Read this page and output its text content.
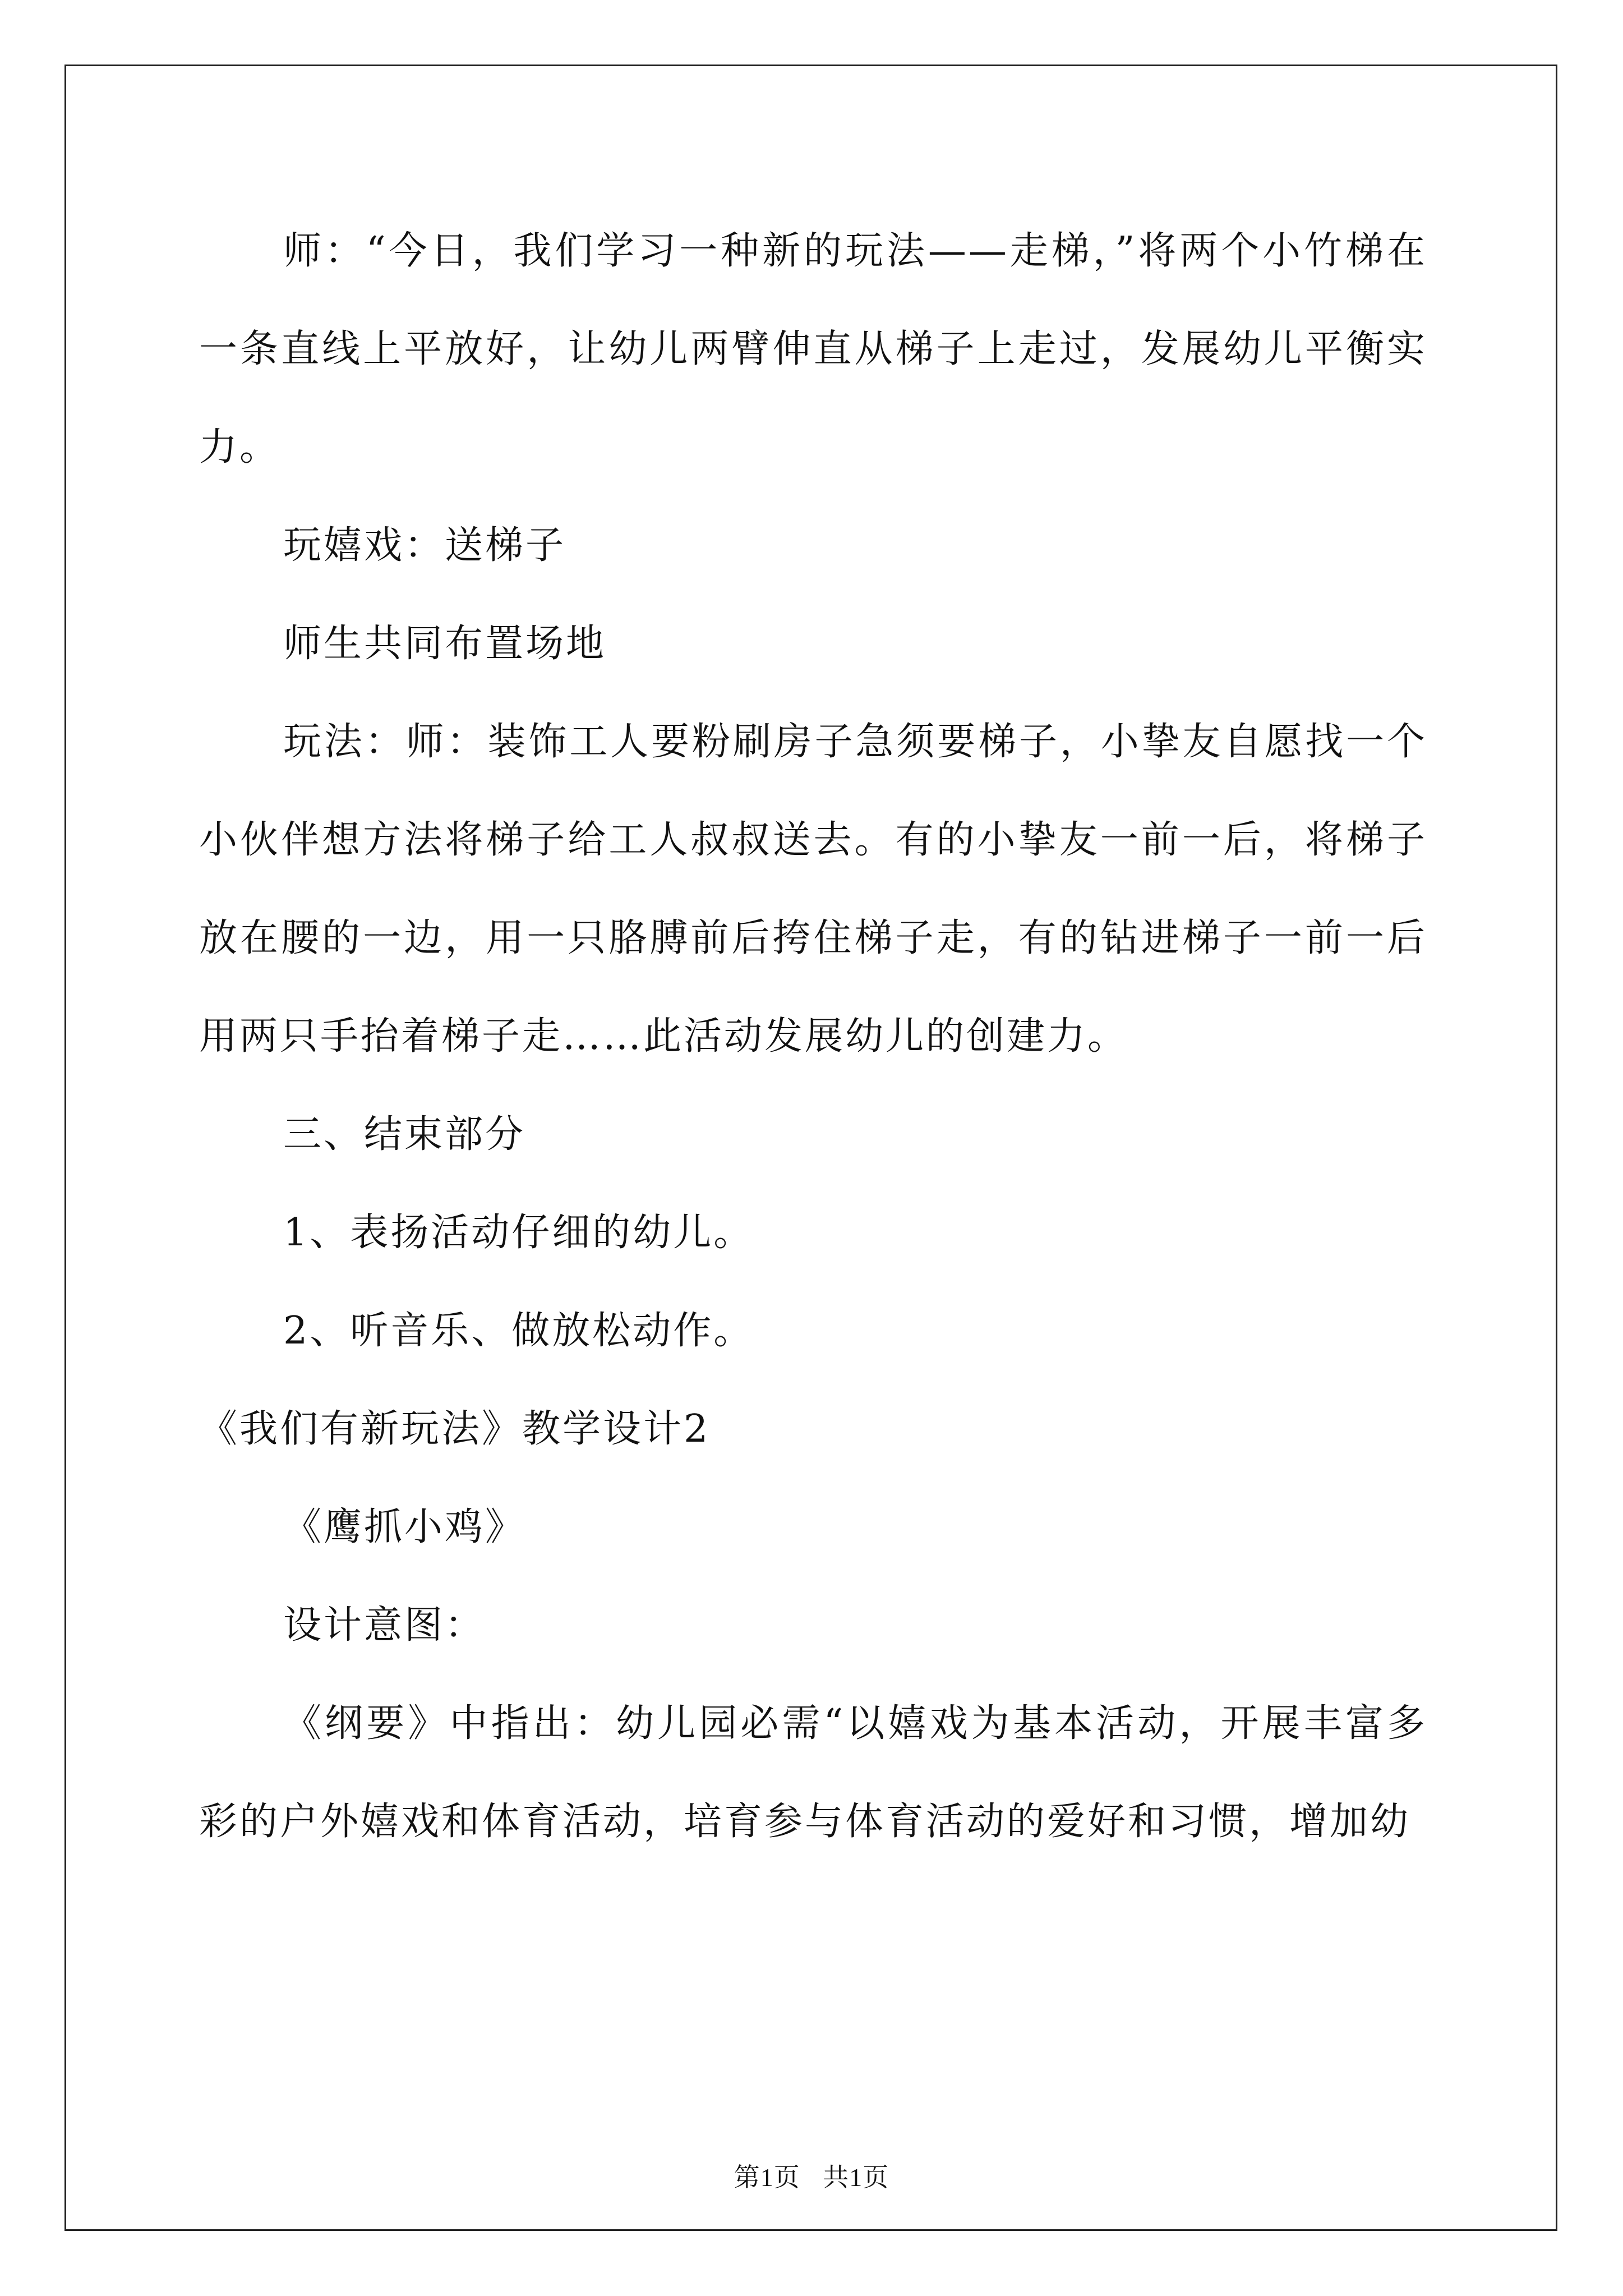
师：“今日，我们学习一种新的玩法——走梯，”将两个小竹梯在一条直线上平放好，让幼儿两臂伸直从梯子上走过，发展幼儿平衡实力。

玩嬉戏：送梯子

师生共同布置场地

玩法：师：装饰工人要粉刷房子急须要梯子，小挚友自愿找一个小伙伴想方法将梯子给工人叔叔送去。有的小挚友一前一后，将梯子放在腰的一边，用一只胳膊前后挎住梯子走，有的钻进梯子一前一后用两只手抬着梯子走……此活动发展幼儿的创建力。

三、结束部分

1、表扬活动仔细的幼儿。

2、听音乐、做放松动作。

《我们有新玩法》教学设计2

《鹰抓小鸡》

设计意图：

《纲要》中指出：幼儿园必需“以嬉戏为基本活动，开展丰富多彩的户外嬉戏和体育活动，培育参与体育活动的爱好和习惯，增加幼

第1页 共1页
